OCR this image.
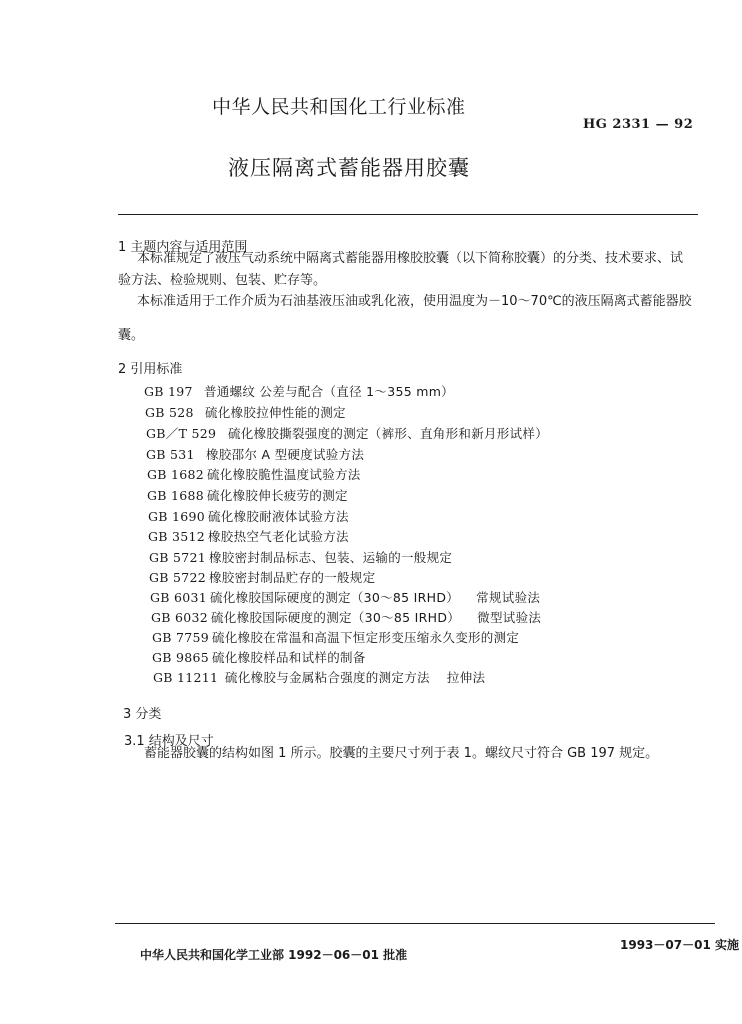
中华人民共和国化工行业标准
HG 2331 — 92
液压隔离式蓄能器用胶囊
1 主题内容与适用范围
本标准规定了液压气动系统中隔离式蓄能器用橡胶胶囊（以下简称胶囊）的分类、技术要求、试
验方法、检验规则、包装、贮存等。
本标准适用于工作介质为石油基液压油或乳化液，使用温度为－10～70℃的液压隔离式蓄能器胶
囊。
2 引用标准
GB 197 普通螺纹 公差与配合（直径 1～355 mm）
GB 528 硫化橡胶拉伸性能的测定
GB／T 529 硫化橡胶撕裂强度的测定（裤形、直角形和新月形试样）
GB 531 橡胶邵尔 A 型硬度试验方法
GB 1682 硫化橡胶脆性温度试验方法
GB 1688 硫化橡胶伸长疲劳的测定
GB 1690 硫化橡胶耐液体试验方法
GB 3512 橡胶热空气老化试验方法
GB 5721 橡胶密封制品标志、包装、运输的一般规定
GB 5722 橡胶密封制品贮存的一般规定
GB 6031 硫化橡胶国际硬度的测定（30～85 IRHD）    常规试验法
GB 6032 硫化橡胶国际硬度的测定（30～85 IRHD）    微型试验法
GB 7759 硫化橡胶在常温和高温下恒定形变压缩永久变形的测定
GB 9865 硫化橡胶样品和试样的制备
GB 11211 硫化橡胶与金属粘合强度的测定方法    拉伸法
3 分类
3.1 结构及尺寸
蓄能器胶囊的结构如图 1 所示。胶囊的主要尺寸列于表 1。螺纹尺寸符合 GB 197 规定。
中华人民共和国化学工业部 1992－06－01 批准
1993－07－01 实施
